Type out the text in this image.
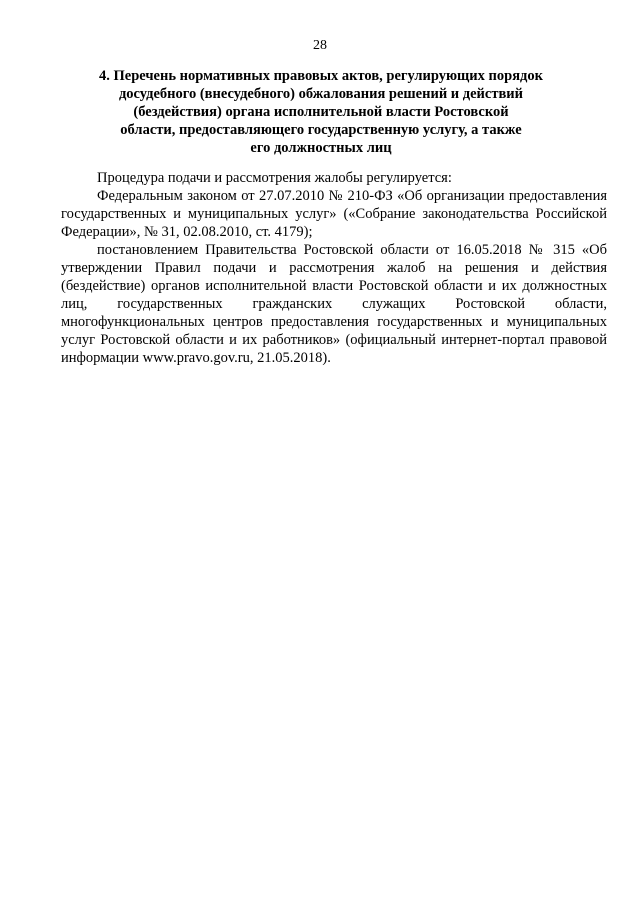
28
4. Перечень нормативных правовых актов, регулирующих порядок
досудебного (внесудебного) обжалования решений и действий
(бездействия) органа исполнительной власти Ростовской
области, предоставляющего государственную услугу, а также
его должностных лиц

Процедура подачи и рассмотрения жалобы регулируется:

Федеральным законом от 27.07.2010 № 210-ФЗ «Об организации предоставления государственных и муниципальных услуг» («Собрание законодательства Российской Федерации», № 31, 02.08.2010, ст. 4179);

постановлением Правительства Ростовской области от 16.05.2018 № 315 «Об утверждении Правил подачи и рассмотрения жалоб на решения и действия (бездействие) органов исполнительной власти Ростовской области и их должностных лиц, государственных гражданских служащих Ростовской области, многофункциональных центров предоставления государственных и муниципальных услуг Ростовской области и их работников» (официальный интернет-портал правовой информации www.pravo.gov.ru, 21.05.2018).
